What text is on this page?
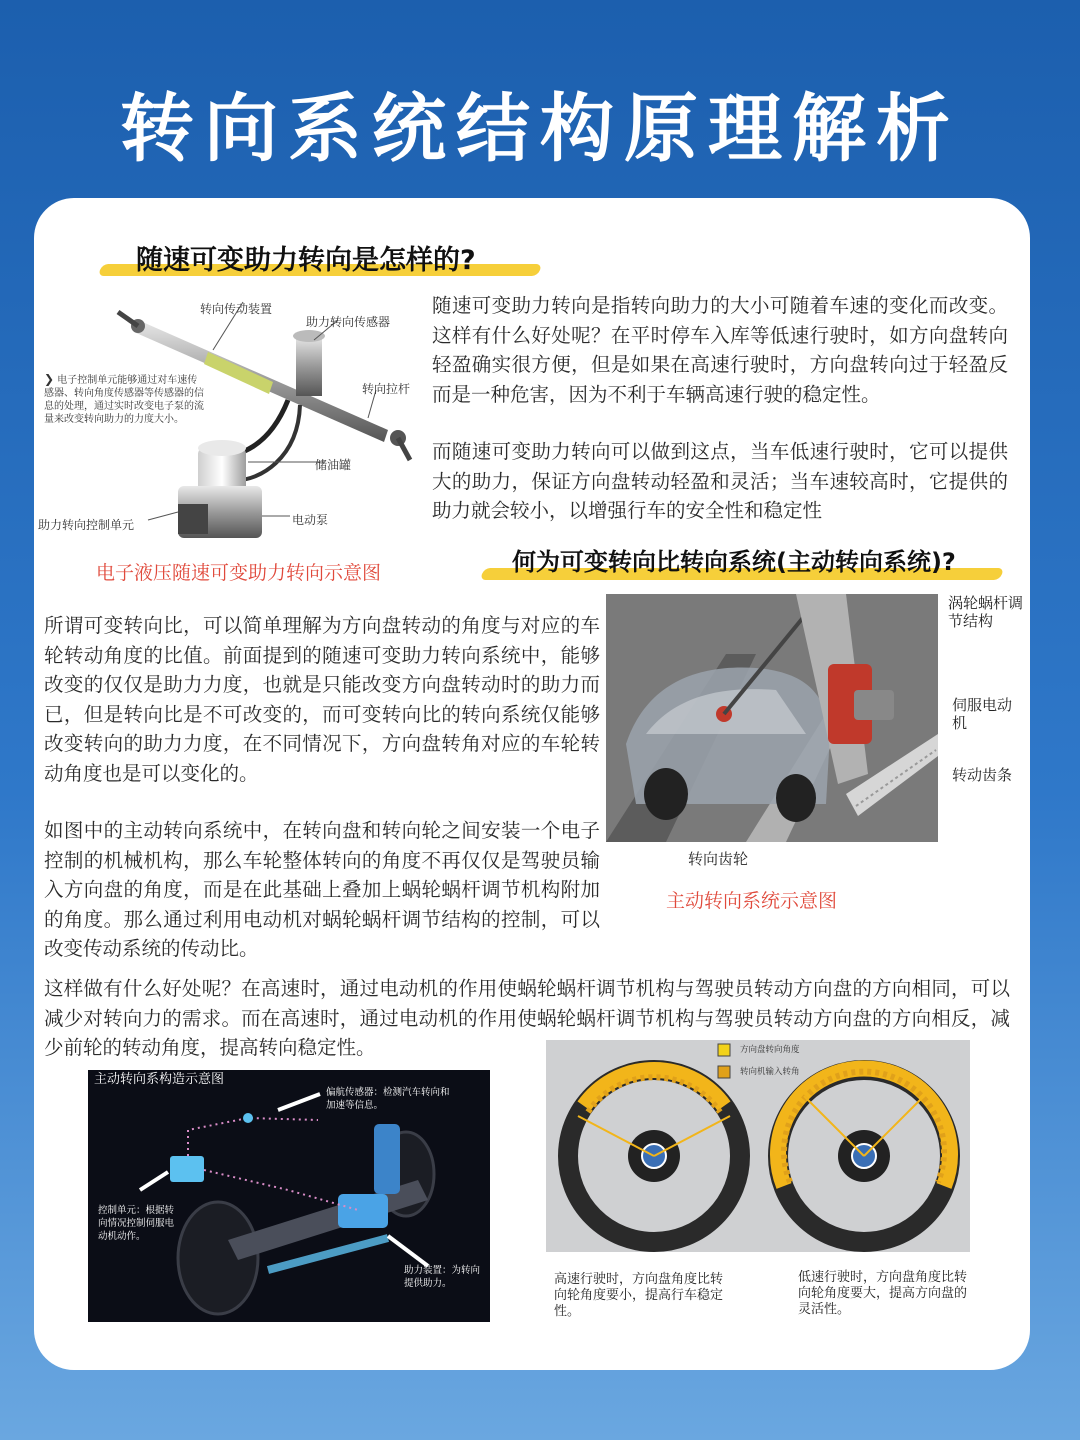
转向系统结构原理解析
随速可变助力转向是怎样的?
转向传动装置
助力转向传感器
转向拉杆
储油罐
电动泵
助力转向控制单元
❯ 电子控制单元能够通过对车速传感器、转向角度传感器等传感器的信息的处理，通过实时改变电子泵的流量来改变转向助力的力度大小。
电子液压随速可变助力转向示意图
随速可变助力转向是指转向助力的大小可随着车速的变化而改变。这样有什么好处呢？在平时停车入库等低速行驶时，如方向盘转向轻盈确实很方便，但是如果在高速行驶时，方向盘转向过于轻盈反而是一种危害，因为不利于车辆高速行驶的稳定性。
而随速可变助力转向可以做到这点，当车低速行驶时，它可以提供大的助力，保证方向盘转动轻盈和灵活；当车速较高时，它提供的助力就会较小，以增强行车的安全性和稳定性
何为可变转向比转向系统(主动转向系统)?
所谓可变转向比，可以简单理解为方向盘转动的角度与对应的车轮转动角度的比值。前面提到的随速可变助力转向系统中，能够改变的仅仅是助力力度，也就是只能改变方向盘转动时的助力而已，但是转向比是不可改变的，而可变转向比的转向系统仅能够改变转向的助力力度，在不同情况下，方向盘转角对应的车轮转动角度也是可以变化的。
如图中的主动转向系统中，在转向盘和转向轮之间安装一个电子控制的机械机构，那么车轮整体转向的角度不再仅仅是驾驶员输入方向盘的角度，而是在此基础上叠加上蜗轮蜗杆调节机构附加的角度。那么通过利用电动机对蜗轮蜗杆调节结构的控制，可以改变传动系统的传动比。
涡轮蜗杆调节结构
伺服电动机
转动齿条
转向齿轮
主动转向系统示意图
这样做有什么好处呢？在高速时，通过电动机的作用使蜗轮蜗杆调节机构与驾驶员转动方向盘的方向相同，可以减少对转向力的需求。而在高速时，通过电动机的作用使蜗轮蜗杆调节机构与驾驶员转动方向盘的方向相反，减少前轮的转动角度，提高转向稳定性。
主动转向系构造示意图
偏航传感器：检测汽车转向和加速等信息。
控制单元：根据转向情况控制伺服电动机动作。
助力装置：为转向提供助力。
方向盘转向角度
转向机输入转角
高速行驶时，方向盘角度比转向轮角度要小，提高行车稳定性。
低速行驶时，方向盘角度比转向轮角度要大，提高方向盘的灵活性。
